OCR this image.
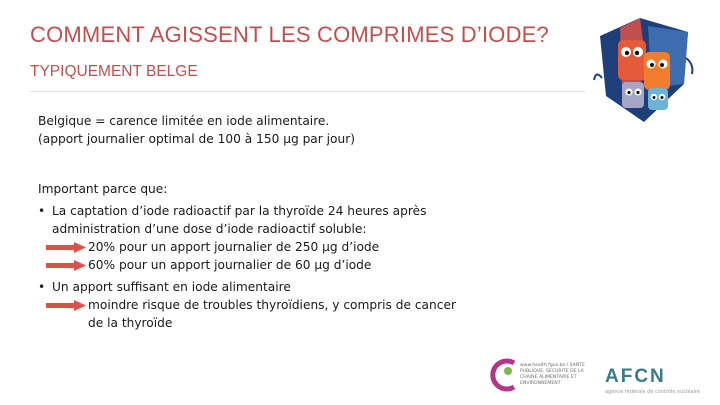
COMMENT AGISSENT LES COMPRIMES D’IODE?
TYPIQUEMENT BELGE
Belgique = carence limitée en iode alimentaire.
(apport journalier optimal de 100 à 150 µg par jour)
Important parce que:
• La captation d’iode radioactif par la thyroïde 24 heures après
administration d’une dose d’iode radioactif soluble:
20% pour un apport journalier de 250 µg d’iode
60% pour un apport journalier de 60 µg d’iode
• Un apport suffisant en iode alimentaire
moindre risque de troubles thyroïdiens, y compris de cancer
de la thyroïde
www.health.fgov.be / SANTE PUBLIQUE, SECURITE DE LA CHAINE ALIMENTAIRE ET ENVIRONNEMENT	AFCN
agence fédérale de contrôle nucléaire
